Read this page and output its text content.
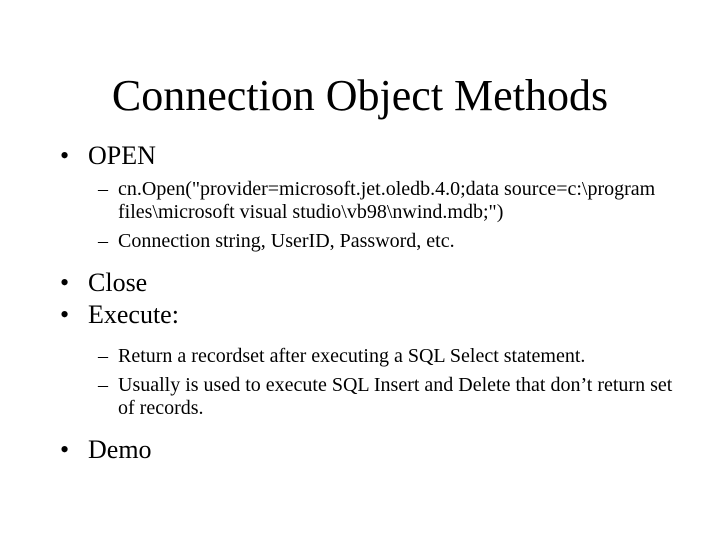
Connection Object Methods
• OPEN
– cn.Open("provider=microsoft.jet.oledb.4.0;data source=c:\program files\microsoft visual studio\vb98\nwind.mdb;")
– Connection string, UserID, Password, etc.
• Close
• Execute:
– Return a recordset after executing a SQL Select statement.
– Usually is used to execute SQL Insert and Delete that don’t return set of records.
• Demo
